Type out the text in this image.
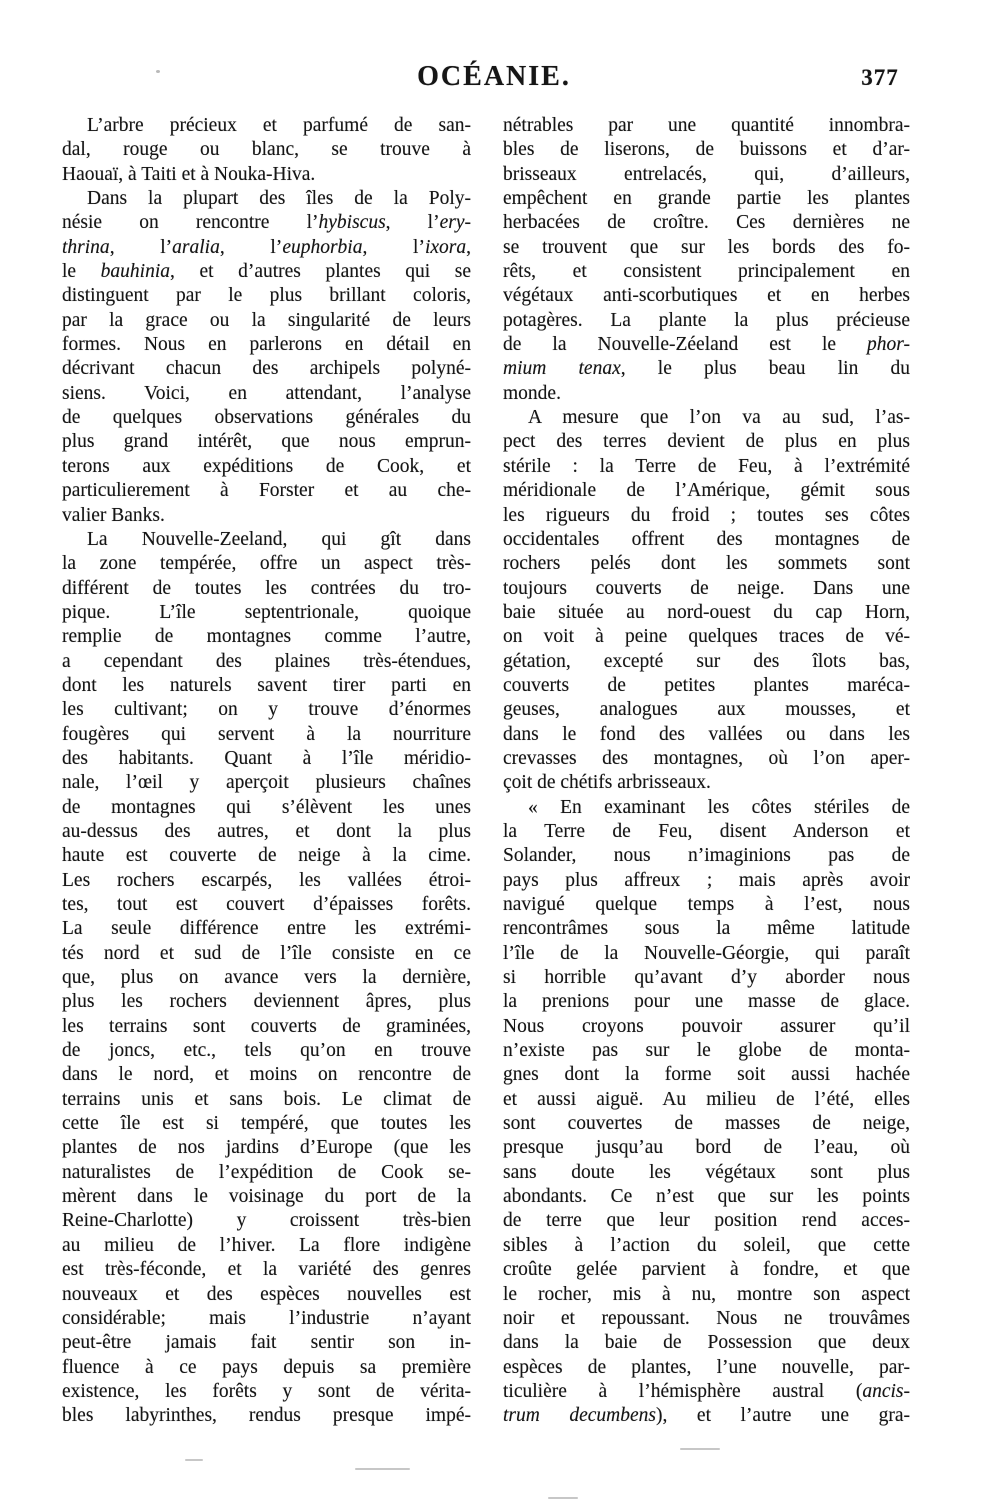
OCÉANIE.	377
L’arbre précieux et parfumé de san-
dal, rouge ou blanc, se trouve à
Haouaï, à Taiti et à Nouka-Hiva.
Dans la plupart des îles de la Poly-
nésie on rencontre l’hybiscus, l’ery-
thrina, l’aralia, l’euphorbia, l’ixora,
le bauhinia, et d’autres plantes qui se
distinguent par le plus brillant coloris,
par la grace ou la singularité de leurs
formes. Nous en parlerons en détail en
décrivant chacun des archipels polyné-
siens. Voici, en attendant, l’analyse
de quelques observations générales du
plus grand intérêt, que nous emprun-
terons aux expéditions de Cook, et
particulierement à Forster et au che-
valier Banks.
La Nouvelle-Zeeland, qui gît dans
la zone tempérée, offre un aspect très-
différent de toutes les contrées du tro-
pique. L’île septentrionale, quoique
remplie de montagnes comme l’autre,
a cependant des plaines très-étendues,
dont les naturels savent tirer parti en
les cultivant; on y trouve d’énormes
fougères qui servent à la nourriture
des habitants. Quant à l’île méridio-
nale, l’œil y aperçoit plusieurs chaînes
de montagnes qui s’élèvent les unes
au-dessus des autres, et dont la plus
haute est couverte de neige à la cime.
Les rochers escarpés, les vallées étroi-
tes, tout est couvert d’épaisses forêts.
La seule différence entre les extrémi-
tés nord et sud de l’île consiste en ce
que, plus on avance vers la dernière,
plus les rochers deviennent âpres, plus
les terrains sont couverts de graminées,
de joncs, etc., tels qu’on en trouve
dans le nord, et moins on rencontre de
terrains unis et sans bois. Le climat de
cette île est si tempéré, que toutes les
plantes de nos jardins d’Europe (que les
naturalistes de l’expédition de Cook se-
mèrent dans le voisinage du port de la
Reine-Charlotte) y croissent très-bien
au milieu de l’hiver. La flore indigène
est très-féconde, et la variété des genres
nouveaux et des espèces nouvelles est
considérable; mais l’industrie n’ayant
peut-être jamais fait sentir son in-
fluence à ce pays depuis sa première
existence, les forêts y sont de vérita-
bles labyrinthes, rendus presque impé-
nétrables par une quantité innombra-
bles de liserons, de buissons et d’ar-
brisseaux entrelacés, qui, d’ailleurs,
empêchent en grande partie les plantes
herbacées de croître. Ces dernières ne
se trouvent que sur les bords des fo-
rêts, et consistent principalement en
végétaux anti-scorbutiques et en herbes
potagères. La plante la plus précieuse
de la Nouvelle-Zéeland est le phor-
mium tenax, le plus beau lin du
monde.
A mesure que l’on va au sud, l’as-
pect des terres devient de plus en plus
stérile : la Terre de Feu, à l’extrémité
méridionale de l’Amérique, gémit sous
les rigueurs du froid ; toutes ses côtes
occidentales offrent des montagnes de
rochers pelés dont les sommets sont
toujours couverts de neige. Dans une
baie située au nord-ouest du cap Horn,
on voit à peine quelques traces de vé-
gétation, excepté sur des îlots bas,
couverts de petites plantes maréca-
geuses, analogues aux mousses, et
dans le fond des vallées ou dans les
crevasses des montagnes, où l’on aper-
çoit de chétifs arbrisseaux.
« En examinant les côtes stériles de
la Terre de Feu, disent Anderson et
Solander, nous n’imaginions pas de
pays plus affreux ; mais après avoir
navigué quelque temps à l’est, nous
rencontrâmes sous la même latitude
l’île de la Nouvelle-Géorgie, qui paraît
si horrible qu’avant d’y aborder nous
la prenions pour une masse de glace.
Nous croyons pouvoir assurer qu’il
n’existe pas sur le globe de monta-
gnes dont la forme soit aussi hachée
et aussi aiguë. Au milieu de l’été, elles
sont couvertes de masses de neige,
presque jusqu’au bord de l’eau, où
sans doute les végétaux sont plus
abondants. Ce n’est que sur les points
de terre que leur position rend acces-
sibles à l’action du soleil, que cette
croûte gelée parvient à fondre, et que
le rocher, mis à nu, montre son aspect
noir et repoussant. Nous ne trouvâmes
dans la baie de Possession que deux
espèces de plantes, l’une nouvelle, par-
ticulière à l’hémisphère austral (ancis-
trum decumbens), et l’autre une gra-
